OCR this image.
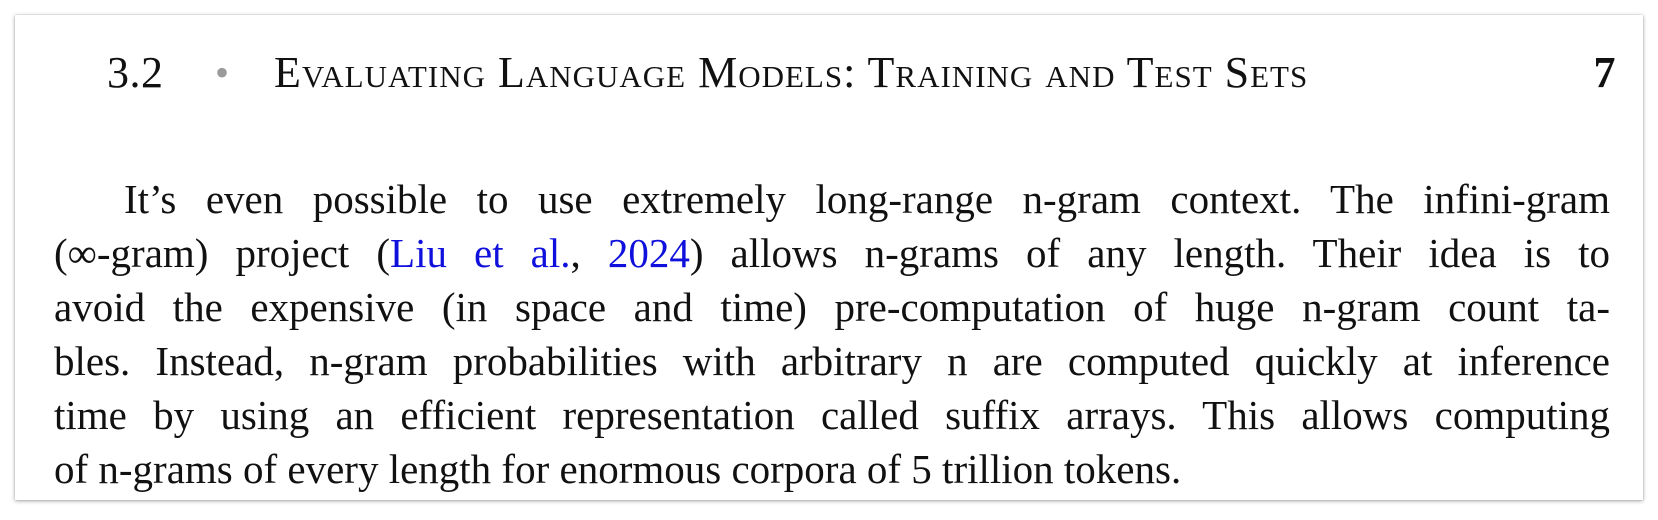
3.2 • Evaluating Language Models: Training and Test Sets	7
It’s even possible to use extremely long-range n-gram context. The infini-gram
(∞-gram) project (Liu et al., 2024) allows n-grams of any length. Their idea is to
avoid the expensive (in space and time) pre-computation of huge n-gram count ta-
bles. Instead, n-gram probabilities with arbitrary n are computed quickly at inference
time by using an efficient representation called suffix arrays. This allows computing
of n-grams of every length for enormous corpora of 5 trillion tokens.
